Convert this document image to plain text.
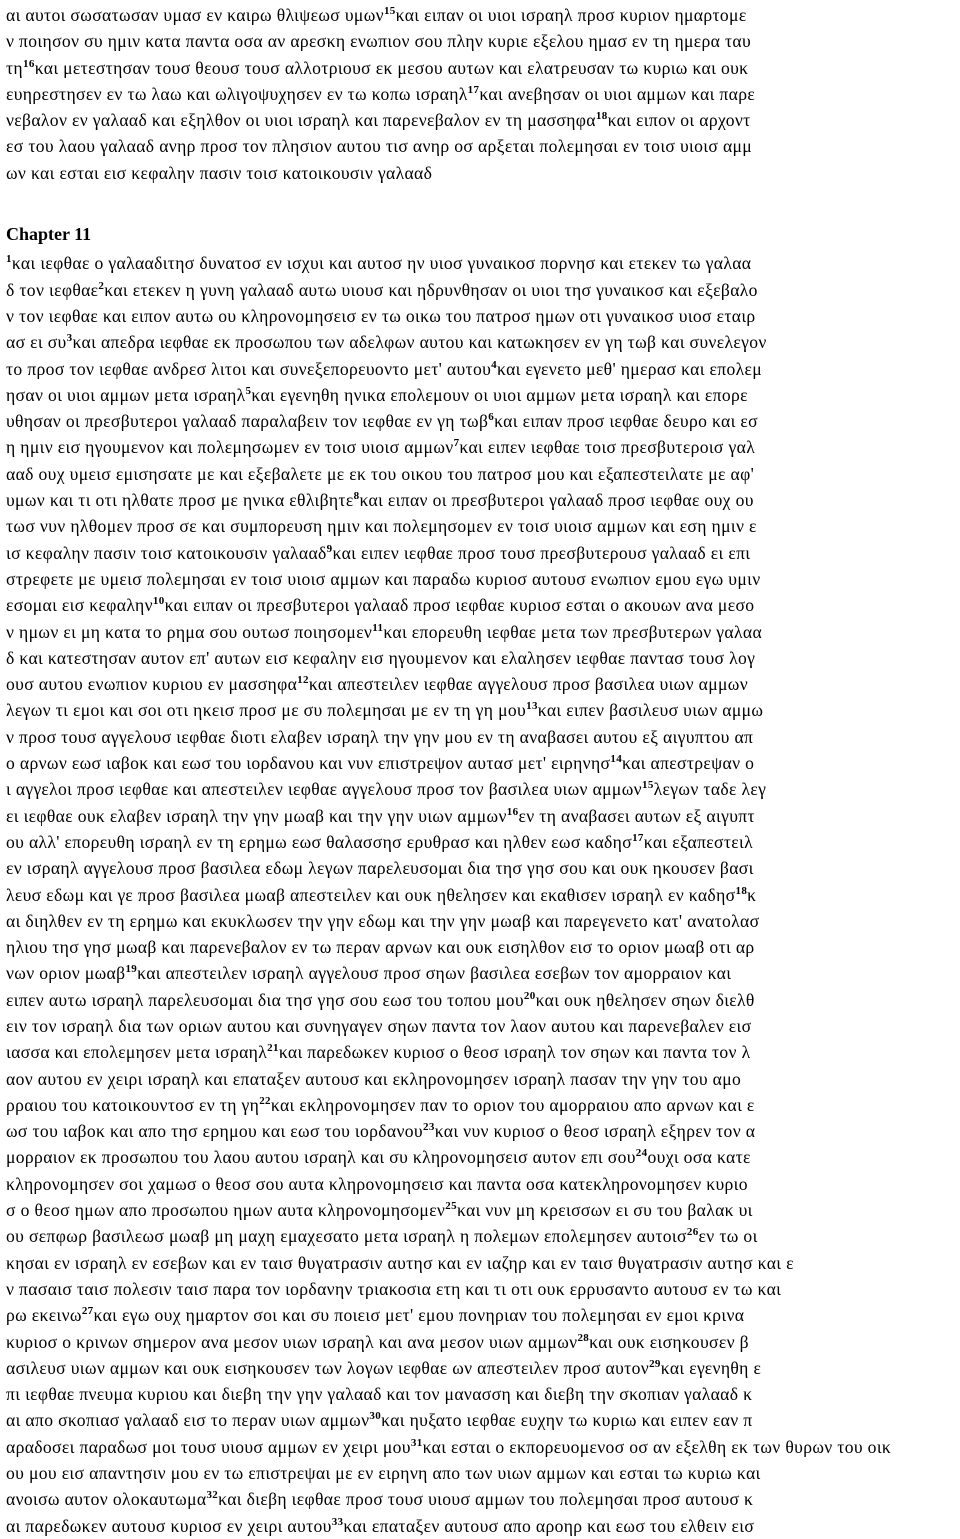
αι αυτοι σωσατωσαν υμασ εν καιρω θλιψεωσ υμων$^{15}$και ειπαν οι υιοι ισραηλ προσ κυριον ημαρτομε
ν ποιησον συ ημιν κατα παντα οσα αν αρεσκη ενωπιον σου πλην κυριε εξελου ημασ εν τη ημερα ταυ
$\tau\eta^{16}\kappa\alpha\iota$ μετεστησαν τουσ θεουσ τουσ αλλοτριουσ εκ μεσου αυτων και ελατρευσαν τω κυριω και ουκ
ευηρεστησεν εν τω λαω και ωλιγοψυχησεν εν τω κοπω ισραηλ$^{17}$και ανεβησαν οι υιοι αμμων και παρε
νεβαλον εν γαλααδ και εξηλθον οι υιοι ισραηλ και παρενεβαλον εν τη μασσηφα$^{18}$και ειπον οι αρχοντ
εσ του λαου γαλααδ ανηρ προσ τον πλησιον αυτου τισ ανηρ οσ αρξεται πολεμησαι εν τοισ υιοισ αμμ
ων και εσται εισ κεφαλην πασιν τοισ κατοικουσιν γαλααδ
Chapter 11
$^1$και ιεφθαε ο γαλααδιτησ δυνατοσ εν ισχυι και αυτοσ ην υιοσ γυναικοσ πορνησ και ετεκεν τω γαλαα
δ τον ιεφθαε$^2$και ετεκεν η γυνη γαλααδ αυτω υιουσ και ηδρυνθησαν οι υιοι τησ γυναικοσ και εξεβαλο
ν τον ιεφθαε και ειπον αυτω ου κληρονομησεισ εν τω οικω του πατροσ ημων οτι γυναικοσ υιοσ εταιρ
ασ ει $\sigma\upsilon^3\kappa\alpha\iota$ απεδρα ιεφθαε εκ προσωπου των αδελφων αυτου και κατωκησεν εν γη τωβ και συνελεγον
το προσ τον ιεφθαε ανδρεσ λιτοι και συνεξεπορευοντο μετ' αυτου$^4$και εγενετο μεθ' ημερασ και επολεμ
ησαν οι υιοι αμμων μετα ισραηλ$^5$και εγενηθη ηνικα επολεμουν οι υιοι αμμων μετα ισραηλ και επορε
υθησαν οι πρεσβυτεροι γαλααδ παραλαβειν τον ιεφθαε εν γη τωβ$^6$και ειπαν προσ ιεφθαε δευρο και εσ
η ημιν εισ ηγουμενον και πολεμησωμεν εν τοισ υιοισ αμμων$^7$και ειπεν ιεφθαε τοισ πρεσβυτεροισ γαλ
ααδ ουχ υμεισ εμισησατε με και εξεβαλετε με εκ του οικου του πατροσ μου και εξαπεστειλατε με αφ'
υμων και τι οτι ηλθατε προσ με ηνικα εθλιβητε$^8$και ειπαν οι πρεσβυτεροι γαλααδ προσ ιεφθαε ουχ ου
τωσ νυν ηλθομεν προσ σε και συμπορευση ημιν και πολεμησομεν εν τοισ υιοισ αμμων και εση ημιν ε
ισ κεφαλην πασιν τοισ κατοικουσιν γαλααδ$^9$και ειπεν ιεφθαε προσ τουσ πρεσβυτερουσ γαλααδ ει επι
στρεφετε με υμεισ πολεμησαι εν τοισ υιοισ αμμων και παραδω κυριοσ αυτουσ ενωπιον εμου εγω υμιν
εσομαι εισ κεφαλην$^{10}$και ειπαν οι πρεσβυτεροι γαλααδ προσ ιεφθαε κυριοσ εσται ο ακουων ανα μεσο
ν ημων ει μη κατα το ρημα σου ουτωσ ποιησομεν$^{11}$και επορευθη ιεφθαε μετα των πρεσβυτερων γαλαα
δ και κατεστησαν αυτον επ' αυτων εισ κεφαλην εισ ηγουμενον και ελαλησεν ιεφθαε παντασ τουσ λογ
ουσ αυτου ενωπιον κυριου εν μασσηφα$^{12}$και απεστειλεν ιεφθαε αγγελουσ προσ βασιλεα υιων αμμων
λεγων τι εμοι και σοι οτι ηκεισ προσ με συ πολεμησαι με εν τη γη μου$^{13}$και ειπεν βασιλευσ υιων αμμω
ν προσ τουσ αγγελουσ ιεφθαε διοτι ελαβεν ισραηλ την γην μου εν τη αναβασει αυτου εξ αιγυπτου απ
ο αρνων εωσ ιαβοκ και εωσ του ιορδανου και νυν επιστρεψον αυτασ μετ' ειρηνησ$^{14}$και απεστρεψαν ο
ι αγγελοι προσ ιεφθαε και απεστειλεν ιεφθαε αγγελουσ προσ τον βασιλεα υιων αμμων$^{15}$λεγων ταδε λεγ
ει ιεφθαε ουκ ελαβεν ισραηλ την γην μωαβ και την γην υιων αμμων$^{16}$εν τη αναβασει αυτων εξ αιγυπτ
ου αλλ' επορευθη ισραηλ εν τη ερημω εωσ θαλασσησ ερυθρασ και ηλθεν εωσ καδησ$^{17}$και εξαπεστειλ
εν ισραηλ αγγελουσ προσ βασιλεα εδωμ λεγων παρελευσομαι δια τησ γησ σου και ουκ ηκουσεν βασι
λευσ εδωμ και γε προσ βασιλεα μωαβ απεστειλεν και ουκ ηθελησεν και εκαθισεν ισραηλ εν καδησ$^{18}$κ
αι διηλθεν εν τη ερημω και εκυκλωσεν την γην εδωμ και την γην μωαβ και παρεγενετο κατ' ανατολασ
ηλιου τησ γησ μωαβ και παρενεβαλον εν τω περαν αρνων και ουκ εισηλθον εισ το οριον μωαβ οτι αρ
νων οριον μωαβ$^{19}$και απεστειλεν ισραηλ αγγελουσ προσ σηων βασιλεα εσεβων τον αμορραιον και
ειπεν αυτω ισραηλ παρελευσομαι δια τησ γησ σου εωσ του τοπου μου$^{20}$και ουκ ηθελησεν σηων διελθ
ειν τον ισραηλ δια των οριων αυτου και συνηγαγεν σηων παντα τον λαον αυτου και παρενεβαλεν εισ
ιασσα και επολεμησεν μετα ισραηλ$^{21}$και παρεδωκεν κυριοσ ο θεοσ ισραηλ τον σηων και παντα τον λ
αον αυτου εν χειρι ισραηλ και επαταξεν αυτουσ και εκληρονομησεν ισραηλ πασαν την γην του αμο
ρραιου του κατοικουντοσ εν τη $\gamma\eta^{22}\kappa\alpha\iota$ εκληρονομησεν παν το οριον του αμορραιου απο αρνων και ε
ωσ του ιαβοκ και απο τησ ερημου και εωσ του ιορδανου$^{23}$και νυν κυριοσ ο θεοσ ισραηλ εξηρεν τον α
μορραιον εκ προσωπου του λαου αυτου ισραηλ και συ κληρονομησεισ αυτον επι σου$^{24}$ουχι οσα κατε
κληρονομησεν σοι χαμωσ ο θεοσ σου αυτα κληρονομησεισ και παντα οσα κατεκληρονομησεν κυριο
σ ο θεοσ ημων απο προσωπου ημων αυτα κληρονομησομεν$^{25}$και νυν μη κρεισσων ει συ του βαλακ υι
ου σεπφωρ βασιλεωσ μωαβ μη μαχη εμαχεσατο μετα ισραηλ η πολεμων επολεμησεν αυτοισ$^{26}$εν τω οι
κησαι εν ισραηλ εν εσεβων και εν ταισ θυγατρασιν αυτησ και εν ιαζηρ και εν ταισ θυγατρασιν αυτησ και ε
ν πασαισ ταισ πολεσιν ταισ παρα τον ιορδανην τριακοσια ετη και τι οτι ουκ ερρυσαντο αυτουσ εν τω και
ρω εκεινω$^{27}$και εγω ουχ ημαρτον σοι και συ ποιεισ μετ' εμου πονηριαν του πολεμησαι εν εμοι κρινα
κυριοσ ο κρινων σημερον ανα μεσον υιων ισραηλ και ανα μεσον υιων αμμων$^{28}$και ουκ εισηκουσεν β
ασιλευσ υιων αμμων και ουκ εισηκουσεν των λογων ιεφθαε ων απεστειλεν προσ αυτον$^{29}$και εγενηθη ε
πι ιεφθαε πνευμα κυριου και διεβη την γην γαλααδ και τον μανασση και διεβη την σκοπιαν γαλααδ κ
αι απο σκοπιασ γαλααδ εισ το περαν υιων αμμων$^{30}$και ηυξατο ιεφθαε ευχην τω κυριω και ειπεν εαν π
αραδοσει παραδωσ μοι τουσ υιουσ αμμων εν χειρι μου$^{31}$και εσται ο εκπορευομενοσ οσ αν εξελθη εκ των θυρων του οικ
ου μου εισ απαντησιν μου εν τω επιστρεψαι με εν ειρηνη απο των υιων αμμων και εσται τω κυριω και
ανοισω αυτον ολοκαυτωμα$^{32}$και διεβη ιεφθαε προσ τουσ υιουσ αμμων του πολεμησαι προσ αυτουσ κ
αι παρεδωκεν αυτουσ κυριοσ εν χειρι αυτου$^{33}$και επαταξεν αυτουσ απο αροηρ και εωσ του ελθειν εισ
